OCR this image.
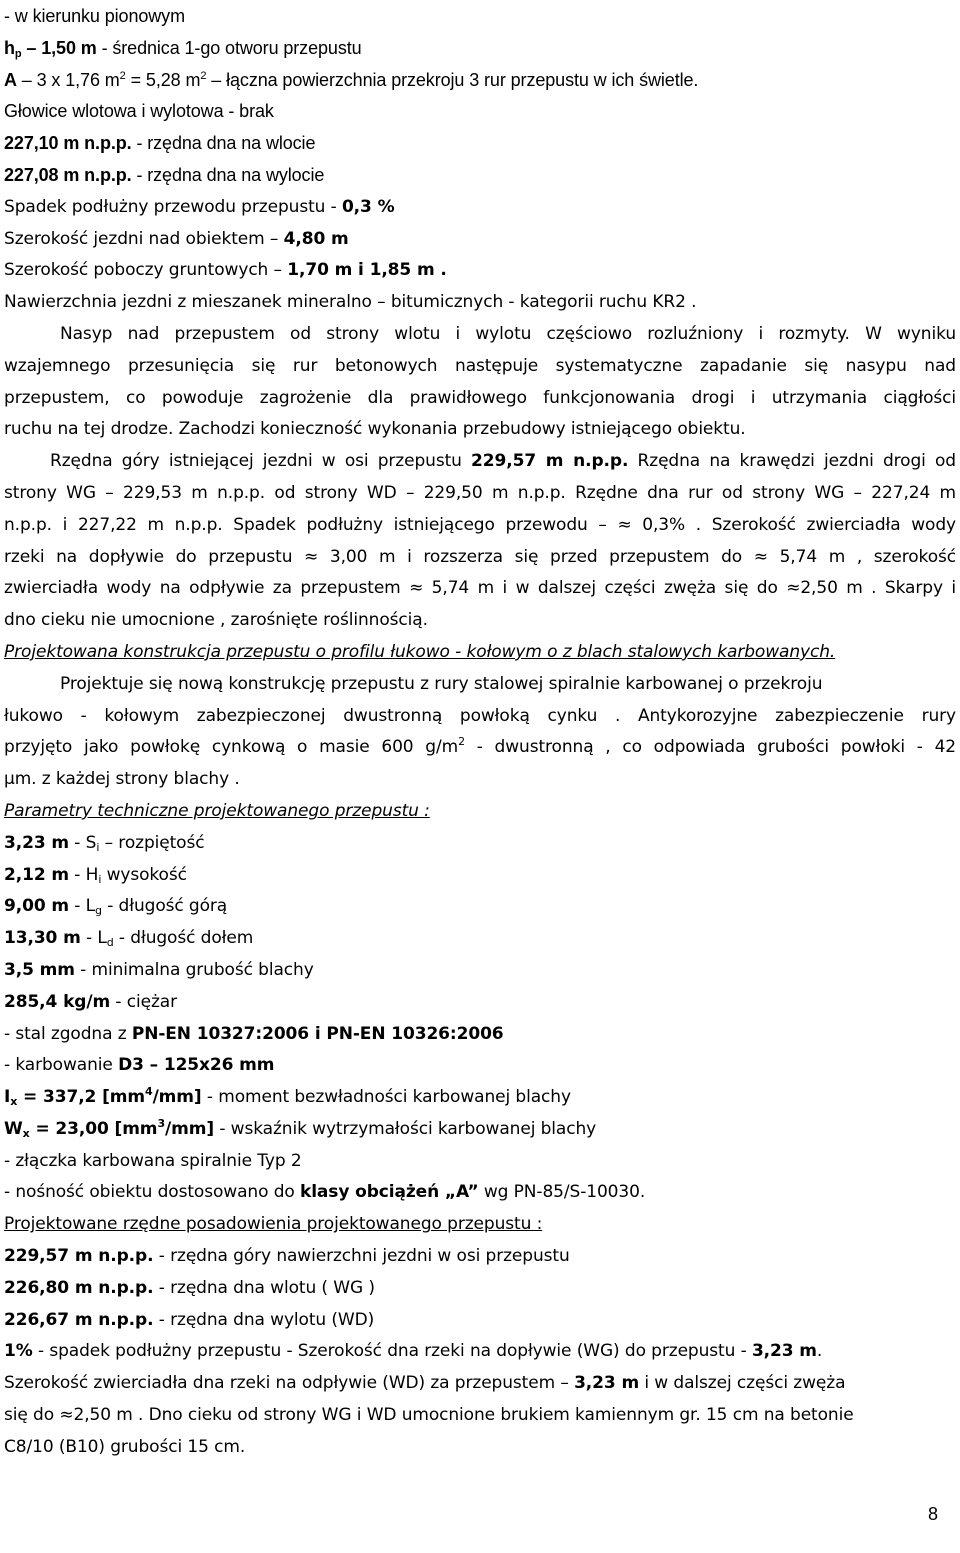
- w kierunku pionowym
$h_p - 1,50$ m - średnica 1-go otworu przepustu
A – 3 x 1,76 $m^2 = 5,28$ $m^2$ – łączna powierzchnia przekroju 3 rur przepustu w ich świetle.
Głowice wlotowa i wylotowa - brak
227,10 m n.p.p. - rzędna dna na wlocie
227,08 m n.p.p. - rzędna dna na wylocie
Spadek podłużny przewodu przepustu - 0,3 %
Szerokość jezdni nad obiektem – 4,80 m
Szerokość poboczy gruntowych – 1,70 m i 1,85 m .
Nawierzchnia jezdni z mieszanek mineralno – bitumicznych - kategorii ruchu KR2 .
Nasyp nad przepustem od strony wlotu i wylotu częściowo rozluźniony i rozmyty. W wyniku
wzajemnego przesunięcia się rur betonowych następuje systematyczne zapadanie się nasypu nad
przepustem, co powoduje zagrożenie dla prawidłowego funkcjonowania drogi i utrzymania ciągłości
ruchu na tej drodze. Zachodzi konieczność wykonania przebudowy istniejącego obiektu.
Rzędna góry istniejącej jezdni w osi przepustu 229,57 m n.p.p. Rzędna na krawędzi jezdni drogi od
strony WG – 229,53 m n.p.p. od strony WD – 229,50 m n.p.p. Rzędne dna rur od strony WG – 227,24 m
n.p.p. i 227,22 m n.p.p. Spadek podłużny istniejącego przewodu – ≈ 0,3% . Szerokość zwierciadła wody
rzeki na dopływie do przepustu ≈ 3,00 m i rozszerza się przed przepustem do ≈ 5,74 m , szerokość
zwierciadła wody na odpływie za przepustem ≈ 5,74 m i w dalszej części zwęża się do ≈2,50 m . Skarpy i
dno cieku nie umocnione , zarośnięte roślinnością.
Projektowana konstrukcja przepustu o profilu łukowo - kołowym o z blach stalowych karbowanych.
Projektuje się nową konstrukcję przepustu z rury stalowej spiralnie karbowanej o przekroju
łukowo - kołowym zabezpieczonej dwustronną powłoką cynku . Antykorozyjne zabezpieczenie rury
przyjęto jako powłokę cynkową o masie 600 $g/m^2$ - dwustronną , co odpowiada grubości powłoki - 42
µm. z każdej strony blachy .
Parametry techniczne projektowanego przepustu :
3,23 m - $S_i$ – rozpiętość
2,12 m - $H_i$ wysokość
9,00 m - $L_g$ - długość górą
13,30 m - $L_d$ - długość dołem
3,5 mm - minimalna grubość blachy
285,4 kg/m - ciężar
- stal zgodna z PN-EN 10327:2006 i PN-EN 10326:2006
- karbowanie D3 – 125x26 mm
$I_x = 337,2$ $[mm^4/mm]$ - moment bezwładności karbowanej blachy
$W_x = 23,00$ $[mm^3/mm]$ - wskaźnik wytrzymałości karbowanej blachy
- złączka karbowana spiralnie Typ 2
- nośność obiektu dostosowano do klasy obciążeń „A” wg PN-85/S-10030.
Projektowane rzędne posadowienia projektowanego przepustu :
229,57 m n.p.p. - rzędna góry nawierzchni jezdni w osi przepustu
226,80 m n.p.p. - rzędna dna wlotu ( WG )
226,67 m n.p.p. - rzędna dna wylotu (WD)
1% - spadek podłużny przepustu - Szerokość dna rzeki na dopływie (WG) do przepustu - 3,23 m.
Szerokość zwierciadła dna rzeki na odpływie (WD) za przepustem – 3,23 m i w dalszej części zwęża
się do ≈2,50 m . Dno cieku od strony WG i WD umocnione brukiem kamiennym gr. 15 cm na betonie
C8/10 (B10) grubości 15 cm.
8
